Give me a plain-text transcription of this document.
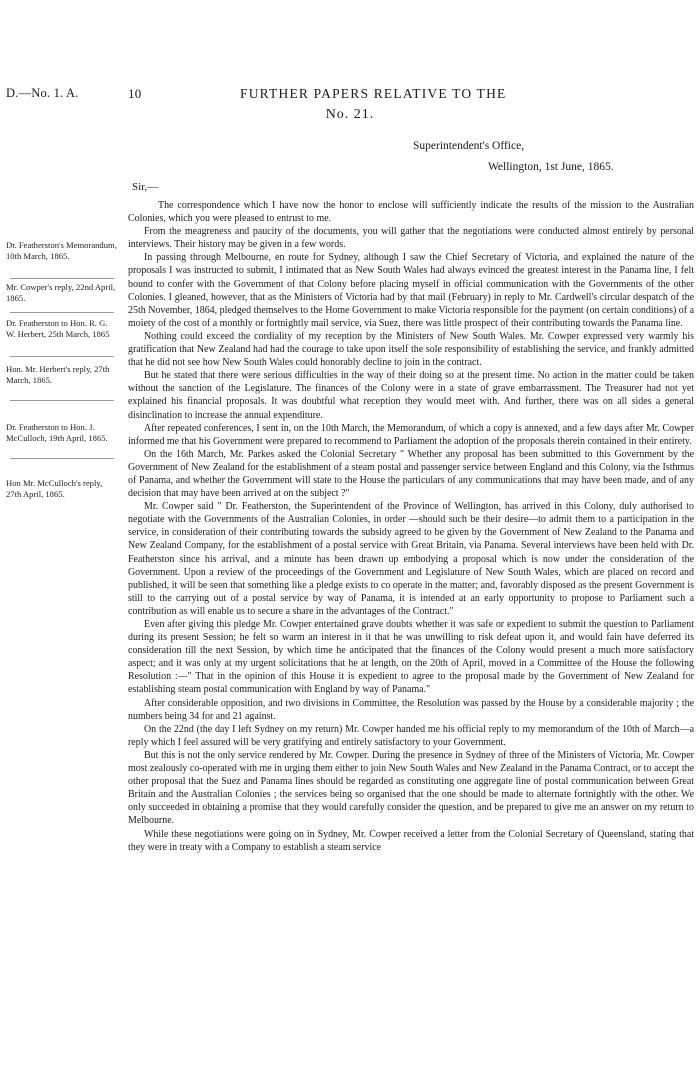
D.—No. 1. A.	10	FURTHER PAPERS RELATIVE TO THE
No. 21.
Superintendent's Office,
Wellington, 1st June, 1865.
Sir,—
Dr. Featherston's Memorandum, 10th March, 1865.
Mr. Cowper's reply, 22nd April, 1865.
Dr. Featherston to Hon. R. G. W. Herbert, 25th March, 1865
Hon. Mr. Herbert's reply, 27th March, 1865.
Dr. Featherston to Hon. J. McCulloch, 19th April, 1865.
Hon Mr. McCulloch's reply, 27th April, 1865.

The correspondence which I have now the honor to enclose will sufficiently indicate the results of the mission to the Australian Colonies, which you were pleased to entrust to me.

From the meagreness and paucity of the documents, you will gather that the negotiations were conducted almost entirely by personal interviews. Their history may be given in a few words.

In passing through Melbourne, en route for Sydney, although I saw the Chief Secretary of Victoria, and explained the nature of the proposals I was instructed to submit, I intimated that as New South Wales had always evinced the greatest interest in the Panama line, I felt bound to confer with the Government of that Colony before placing myself in official communication with the Governments of the other Colonies. I gleaned, however, that as the Ministers of Victoria had by that mail (February) in reply to Mr. Cardwell's circular despatch of the 25th November, 1864, pledged themselves to the Home Government to make Victoria responsible for the payment (on certain conditions) of a moiety of the cost of a monthly or fortnightly mail service, via Suez, there was little prospect of their contributing towards the Panama line.

Nothing could exceed the cordiality of my reception by the Ministers of New South Wales. Mr. Cowper expressed very warmly his gratification that New Zealand had had the courage to take upon itself the sole responsibility of establishing the service, and frankly admitted that he did not see how New South Wales could honorably decline to join in the contract.

But he stated that there were serious difficulties in the way of their doing so at the present time. No action in the matter could be taken without the sanction of the Legislature. The finances of the Colony were in a state of grave embarrassment. The Treasurer had not yet explained his financial proposals. It was doubtful what reception they would meet with. And further, there was on all sides a general disinclination to increase the annual expenditure.

After repeated conferences, I sent in, on the 10th March, the Memorandum, of which a copy is annexed, and a few days after Mr. Cowper informed me that his Government were prepared to recommend to Parliament the adoption of the proposals therein contained in their entirety.

On the 16th March, Mr. Parkes asked the Colonial Secretary " Whether any proposal has been submitted to this Government by the Government of New Zealand for the establishment of a steam postal and passenger service between England and this Colony, via the Isthmus of Panama, and whether the Government will state to the House the particulars of any communications that may have been made, and of any decision that may have been arrived at on the subject ?"

Mr. Cowper said " Dr. Featherston, the Superintendent of the Province of Wellington, has arrived in this Colony, duly authorised to negotiate with the Governments of the Australian Colonies, in order —should such be their desire—to admit them to a participation in the service, in consideration of their contributing towards the subsidy agreed to be given by the Government of New Zealand to the Panama and New Zealand Company, for the establishment of a postal service with Great Britain, via Panama. Several interviews have been held with Dr. Featherston since his arrival, and a minute has been drawn up embodying a proposal which is now under the consideration of the Government. Upon a review of the proceedings of the Government and Legislature of New South Wales, which are placed on record and published, it will be seen that something like a pledge exists to co operate in the matter; and, favorably disposed as the present Government is still to the carrying out of a postal service by way of Panama, it is intended at an early opportunity to propose to Parliament such a contribution as will enable us to secure a share in the advantages of the Contract."

Even after giving this pledge Mr. Cowper entertained grave doubts whether it was safe or expedient to submit the question to Parliament during its present Session; he felt so warm an interest in it that he was unwilling to risk defeat upon it, and would fain have deferred its consideration till the next Session, by which time he anticipated that the finances of the Colony would present a much more satisfactory aspect; and it was only at my urgent solicitations that he at length, on the 20th of April, moved in a Committee of the House the following Resolution :—" That in the opinion of this House it is expedient to agree to the proposal made by the Government of New Zealand for establishing steam postal communication with England by way of Panama."

After considerable opposition, and two divisions in Committee, the Resolution was passed by the House by a considerable majority ; the numbers being 34 for and 21 against.

On the 22nd (the day I left Sydney on my return) Mr. Cowper handed me his official reply to my memorandum of the 10th of March—a reply which I feel assured will be very gratifying and entirely satisfactory to your Government.

But this is not the only service rendered by Mr. Cowper. During the presence in Sydney of three of the Ministers of Victoria, Mr. Cowper most zealously co-operated with me in urging them either to join New South Wales and New Zealand in the Panama Contract, or to accept the other proposal that the Suez and Panama lines should be regarded as constituting one aggregate line of postal communication between Great Britain and the Australian Colonies ; the services being so organised that the one should be made to alternate fortnightly with the other. We only succeeded in obtaining a promise that they would carefully consider the question, and be prepared to give me an answer on my return to Melbourne.

While these negotiations were going on in Sydney, Mr. Cowper received a letter from the Colonial Secretary of Queensland, stating that they were in treaty with a Company to establish a steam service
